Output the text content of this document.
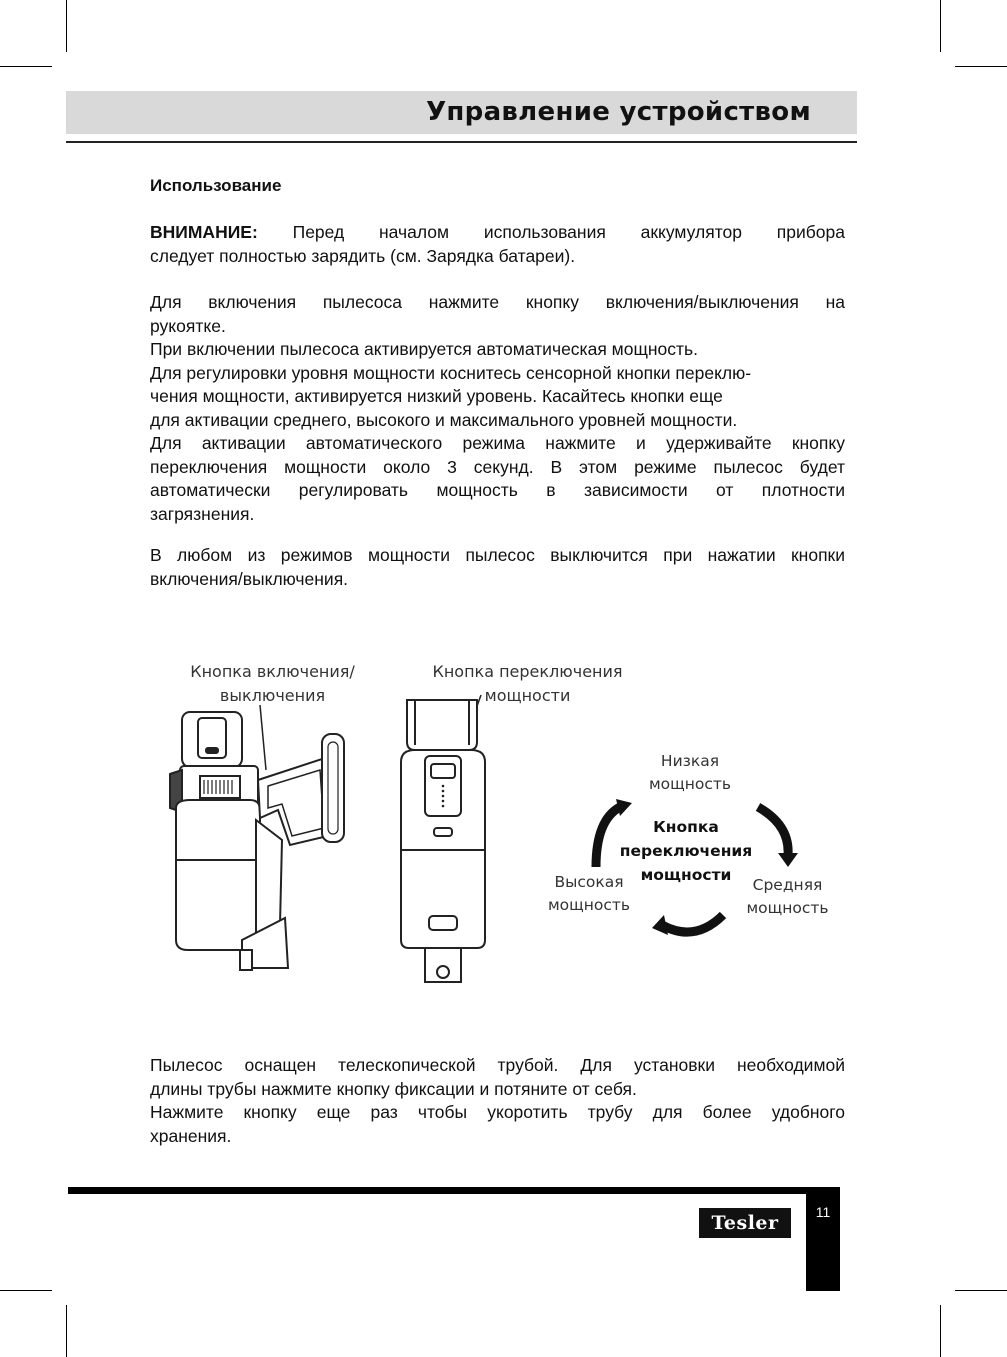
Управление устройством
Использование
ВНИМАНИЕ: Перед началом использования аккумулятор прибора
следует полностью зарядить (см. Зарядка батареи).
Для включения пылесоса нажмите кнопку включения/выключения на
рукоятке.
При включении пылесоса активируется автоматическая мощность.
Для регулировки уровня мощности коснитесь сенсорной кнопки переклю-
чения мощности, активируется низкий уровень. Касайтесь кнопки еще
для активации среднего, высокого и максимального уровней мощности.
Для активации автоматического режима нажмите и удерживайте кнопку
переключения мощности около 3 секунд. В этом режиме пылесос будет
автоматически регулировать мощность в зависимости от плотности
загрязнения.
В любом из режимов мощности пылесос выключится при нажатии кнопки
включения/выключения.
Кнопка включения/
выключения
Кнопка переключения
мощности
Низкая
мощность
Средняя
мощность
Высокая
мощность
Кнопка
переключения
мощности
Пылесос оснащен телескопической трубой. Для установки необходимой
длины трубы нажмите кнопку фиксации и потяните от себя.
Нажмите кнопку еще раз чтобы укоротить трубу для более удобного
хранения.
11
Tesler
